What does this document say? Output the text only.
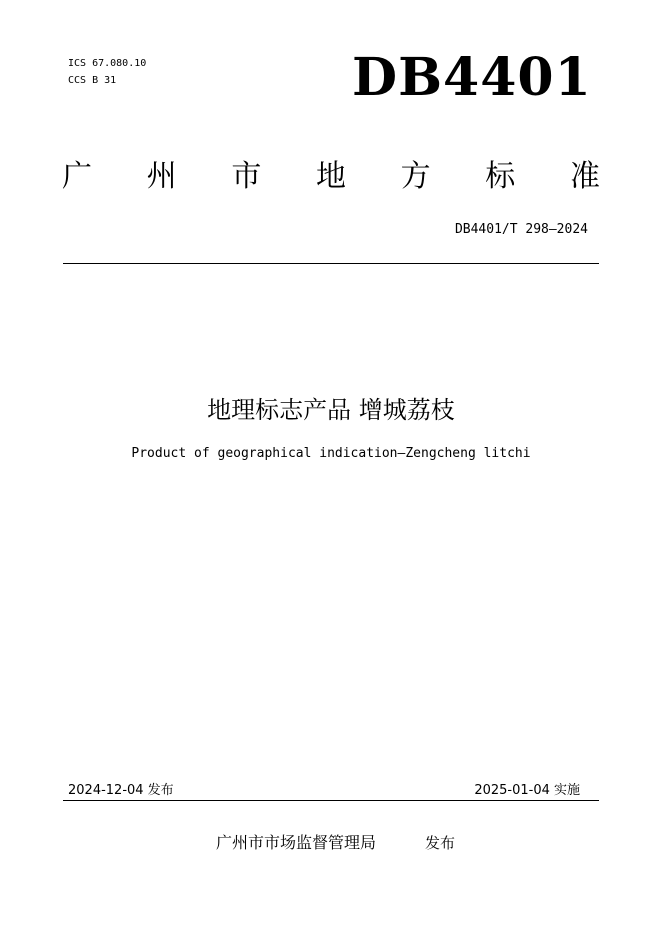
ICS 67.080.10
CCS B 31	DB4401
广 州 市 地 方 标 准
DB4401/T 298—2024
地理标志产品 增城荔枝
Product of geographical indication—Zengcheng litchi
2024-12-04 发布	2025-01-04 实施
广州市市场监督管理局	发布
